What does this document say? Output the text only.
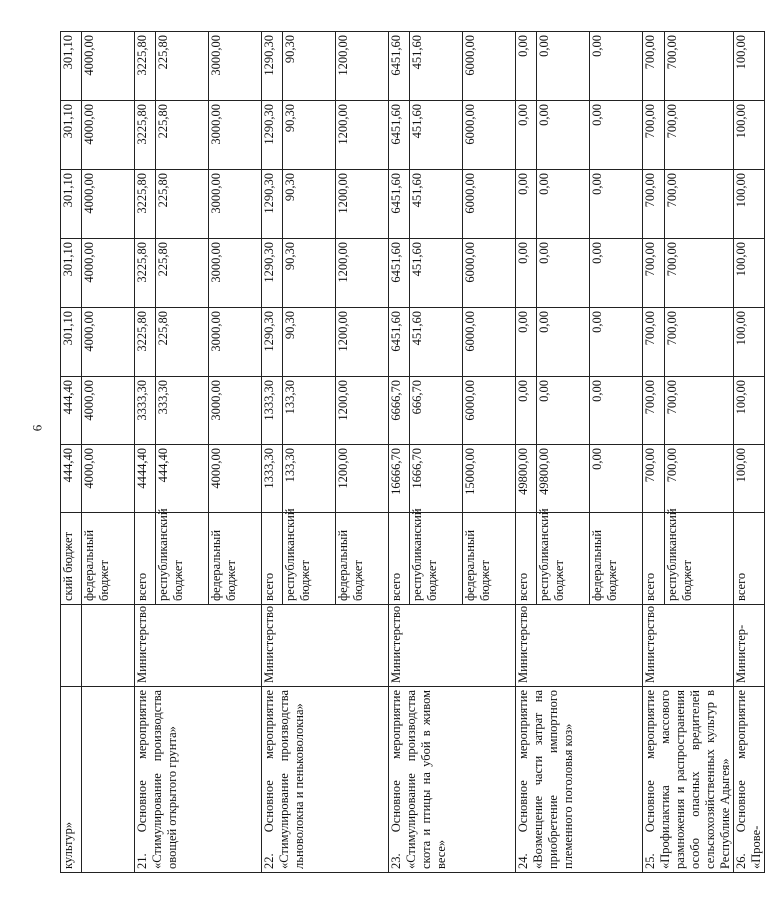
6
культур»		ский бюджет	444,40	444,40	301,10	301,10	301,10	301,10	301,10
		федеральный бюджет	4000,00	4000,00	4000,00	4000,00	4000,00	4000,00	4000,00
21. Основное мероприятие «Стимулирование производства овощей открытого грунта»	Министерство	всего	4444,40	3333,30	3225,80	3225,80	3225,80	3225,80	3225,80
		республиканский бюджет	444,40	333,30	225,80	225,80	225,80	225,80	225,80
		федеральный бюджет	4000,00	3000,00	3000,00	3000,00	3000,00	3000,00	3000,00
22. Основное мероприятие «Стимулирование производства льноволокна и пеньковолокна»	Министерство	всего	1333,30	1333,30	1290,30	1290,30	1290,30	1290,30	1290,30
		республиканский бюджет	133,30	133,30	90,30	90,30	90,30	90,30	90,30
		федеральный бюджет	1200,00	1200,00	1200,00	1200,00	1200,00	1200,00	1200,00
23. Основное мероприятие «Стимулирование производства скота и птицы на убой в живом весе»	Министерство	всего	16666,70	6666,70	6451,60	6451,60	6451,60	6451,60	6451,60
		республиканский бюджет	1666,70	666,70	451,60	451,60	451,60	451,60	451,60
		федеральный бюджет	15000,00	6000,00	6000,00	6000,00	6000,00	6000,00	6000,00
24. Основное мероприятие «Возмещение части затрат на приобретение импортного племенного поголовья коз»	Министерство	всего	49800,00	0,00	0,00	0,00	0,00	0,00	0,00
		республиканский бюджет	49800,00	0,00	0,00	0,00	0,00	0,00	0,00
		федеральный бюджет	0,00	0,00	0,00	0,00	0,00	0,00	0,00
25. Основное мероприятие «Профилактика массового размножения и распространения особо опасных вредителей сельскохозяйственных культур в Республике Адыгея»	Министерство	всего	700,00	700,00	700,00	700,00	700,00	700,00	700,00
		республиканский бюджет	700,00	700,00	700,00	700,00	700,00	700,00	700,00
26. Основное мероприятие «Прове-	Министер-	всего	100,00	100,00	100,00	100,00	100,00	100,00	100,00
